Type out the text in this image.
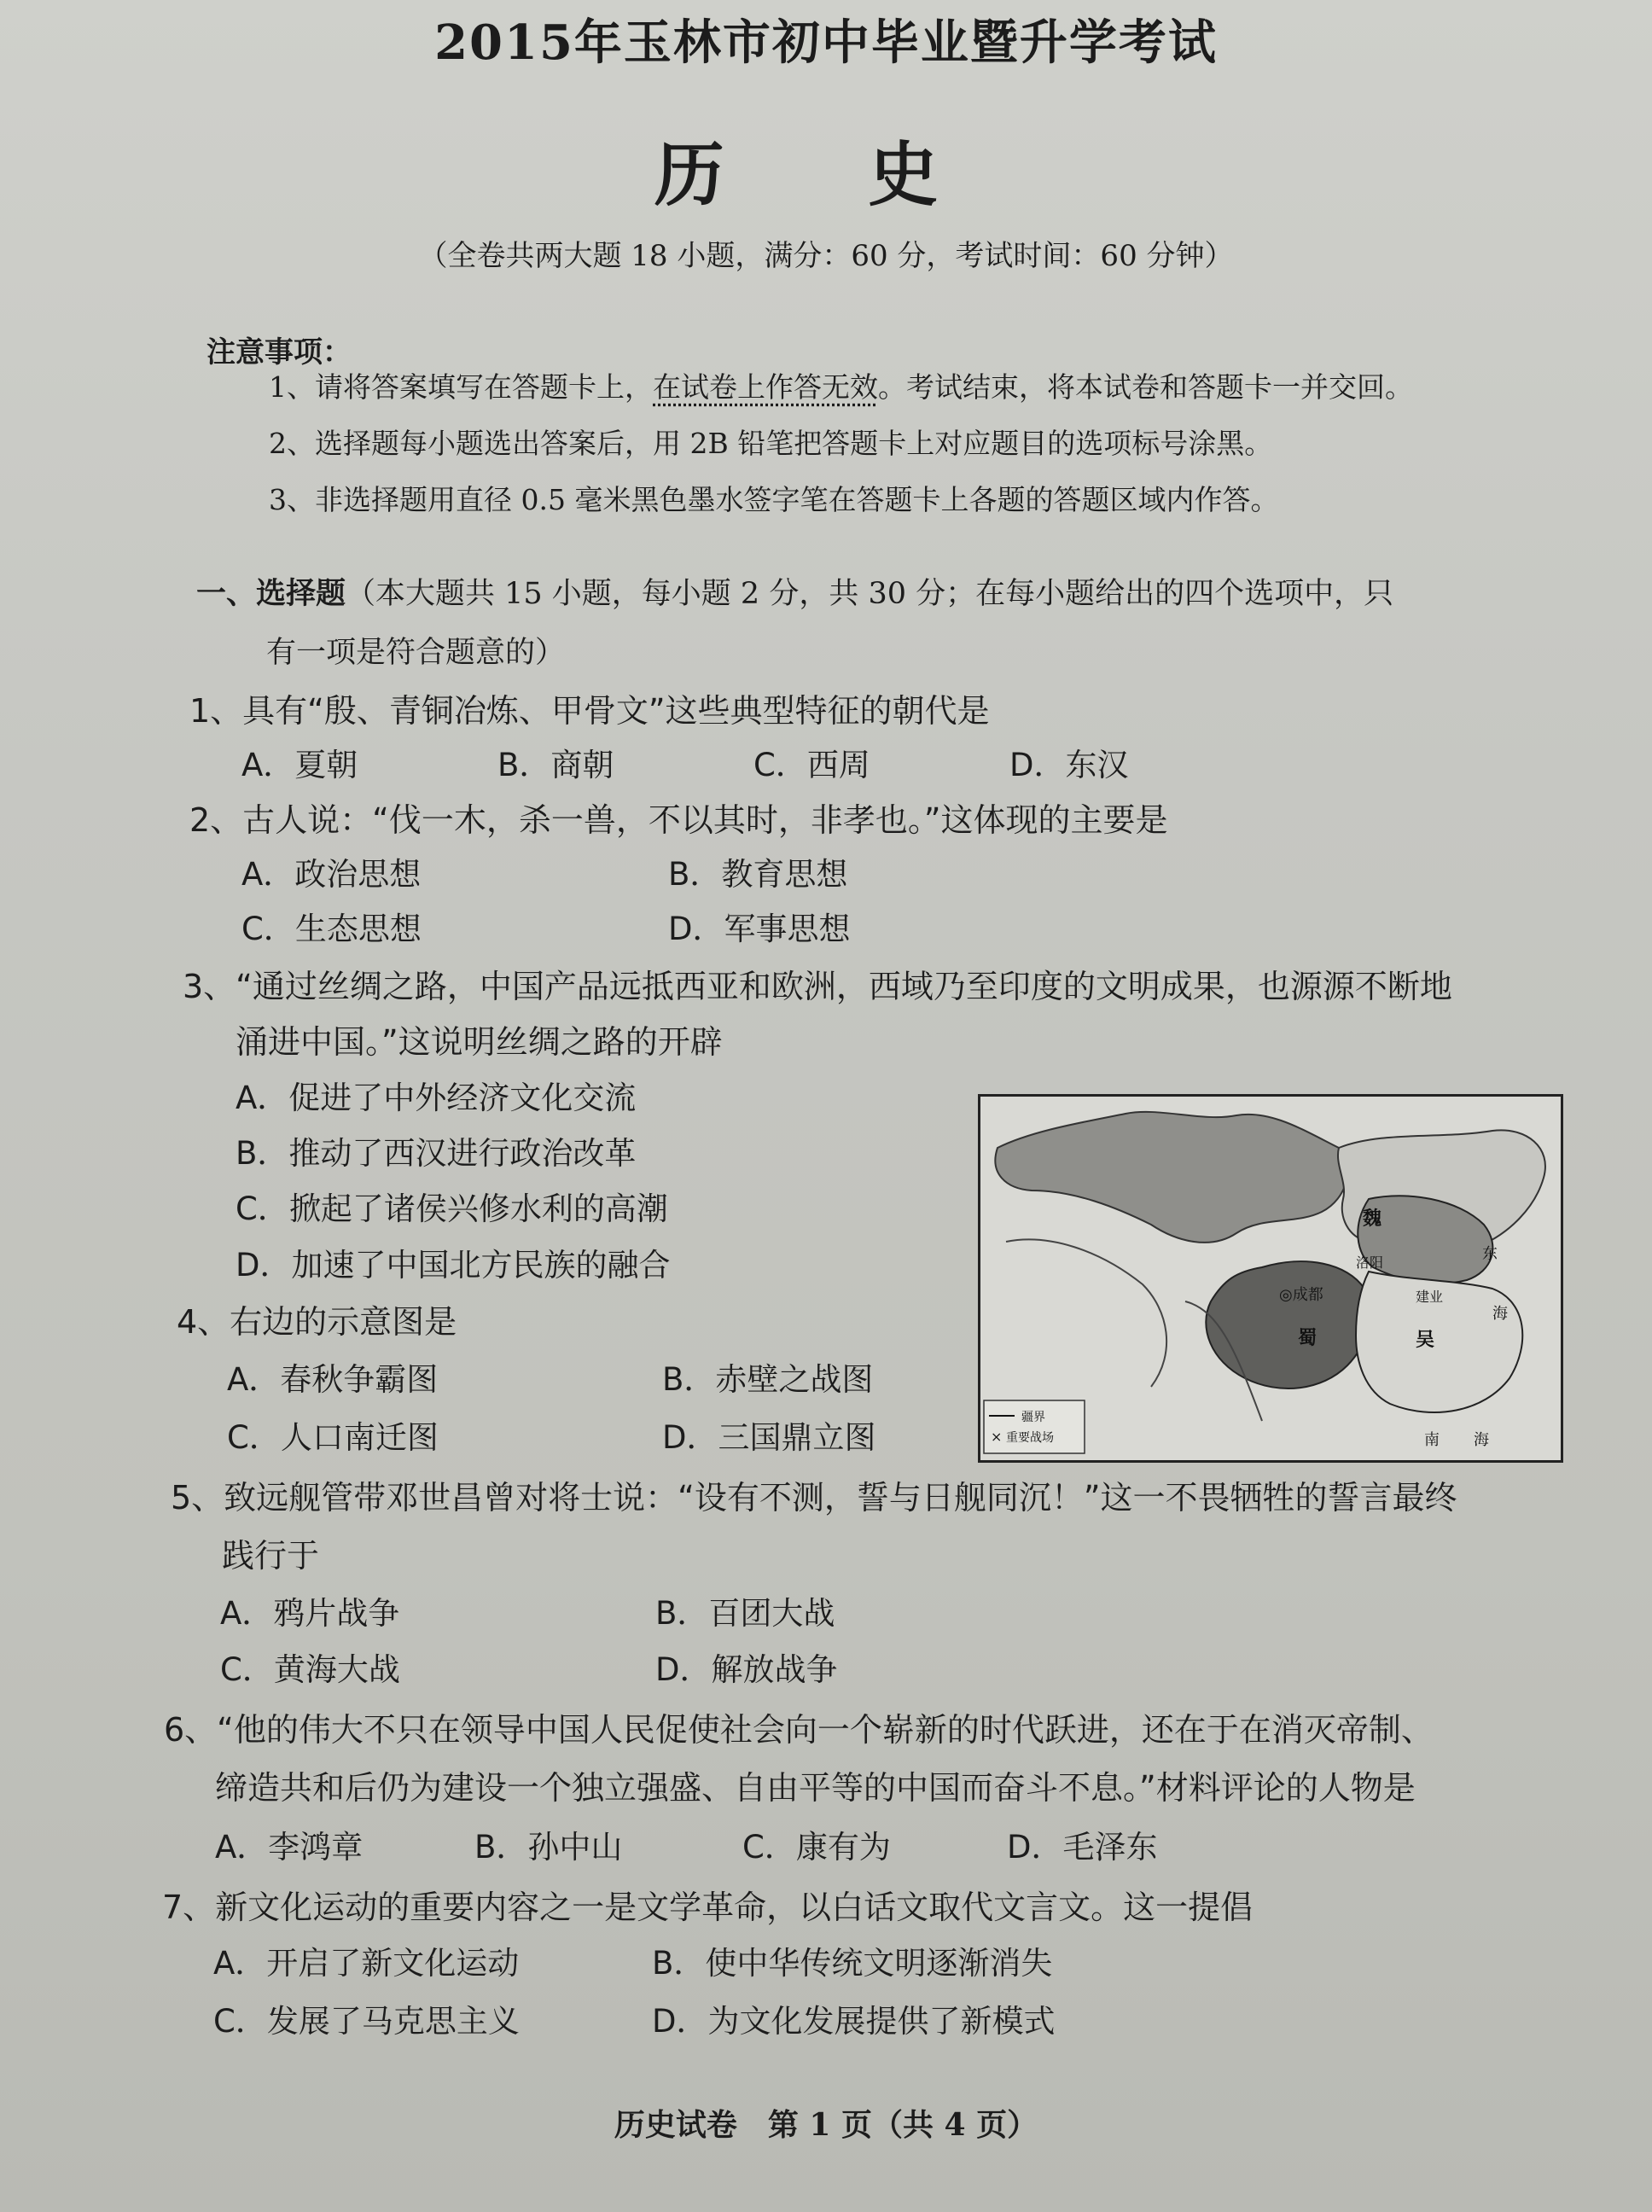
2015年玉林市初中毕业暨升学考试
历 史
（全卷共两大题 18 小题，满分：60 分，考试时间：60 分钟）
注意事项：
1、请将答案填写在答题卡上，在试卷上作答无效。考试结束，将本试卷和答题卡一并交回。
2、选择题每小题选出答案后，用 2B 铅笔把答题卡上对应题目的选项标号涂黑。
3、非选择题用直径 0.5 毫米黑色墨水签字笔在答题卡上各题的答题区域内作答。
一、选择题（本大题共 15 小题，每小题 2 分，共 30 分；在每小题给出的四个选项中，只
有一项是符合题意的）
1、具有“殷、青铜冶炼、甲骨文”这些典型特征的朝代是
A．夏朝	B．商朝	C．西周	D．东汉
2、古人说：“伐一木，杀一兽，不以其时，非孝也。”这体现的主要是
A．政治思想	B．教育思想
C．生态思想	D．军事思想
3、“通过丝绸之路，中国产品远抵西亚和欧洲，西域乃至印度的文明成果，也源源不断地
涌进中国。”这说明丝绸之路的开辟
A．促进了中外经济文化交流
B．推动了西汉进行政治改革
C．掀起了诸侯兴修水利的高潮
D．加速了中国北方民族的融合
4、右边的示意图是
A．春秋争霸图	B．赤壁之战图
C．人口南迁图	D．三国鼎立图
魏
洛阳
◎成都
蜀	吴
建业
东
海
南 海
疆界
× 重要战场
5、致远舰管带邓世昌曾对将士说：“设有不测，誓与日舰同沉！”这一不畏牺牲的誓言最终
践行于
A．鸦片战争	B．百团大战
C．黄海大战	D．解放战争
6、“他的伟大不只在领导中国人民促使社会向一个崭新的时代跃进，还在于在消灭帝制、
缔造共和后仍为建设一个独立强盛、自由平等的中国而奋斗不息。”材料评论的人物是
A．李鸿章	B．孙中山	C．康有为	D．毛泽东
7、新文化运动的重要内容之一是文学革命，以白话文取代文言文。这一提倡
A．开启了新文化运动	B．使中华传统文明逐渐消失
C．发展了马克思主义	D．为文化发展提供了新模式
历史试卷　第 1 页（共 4 页）
